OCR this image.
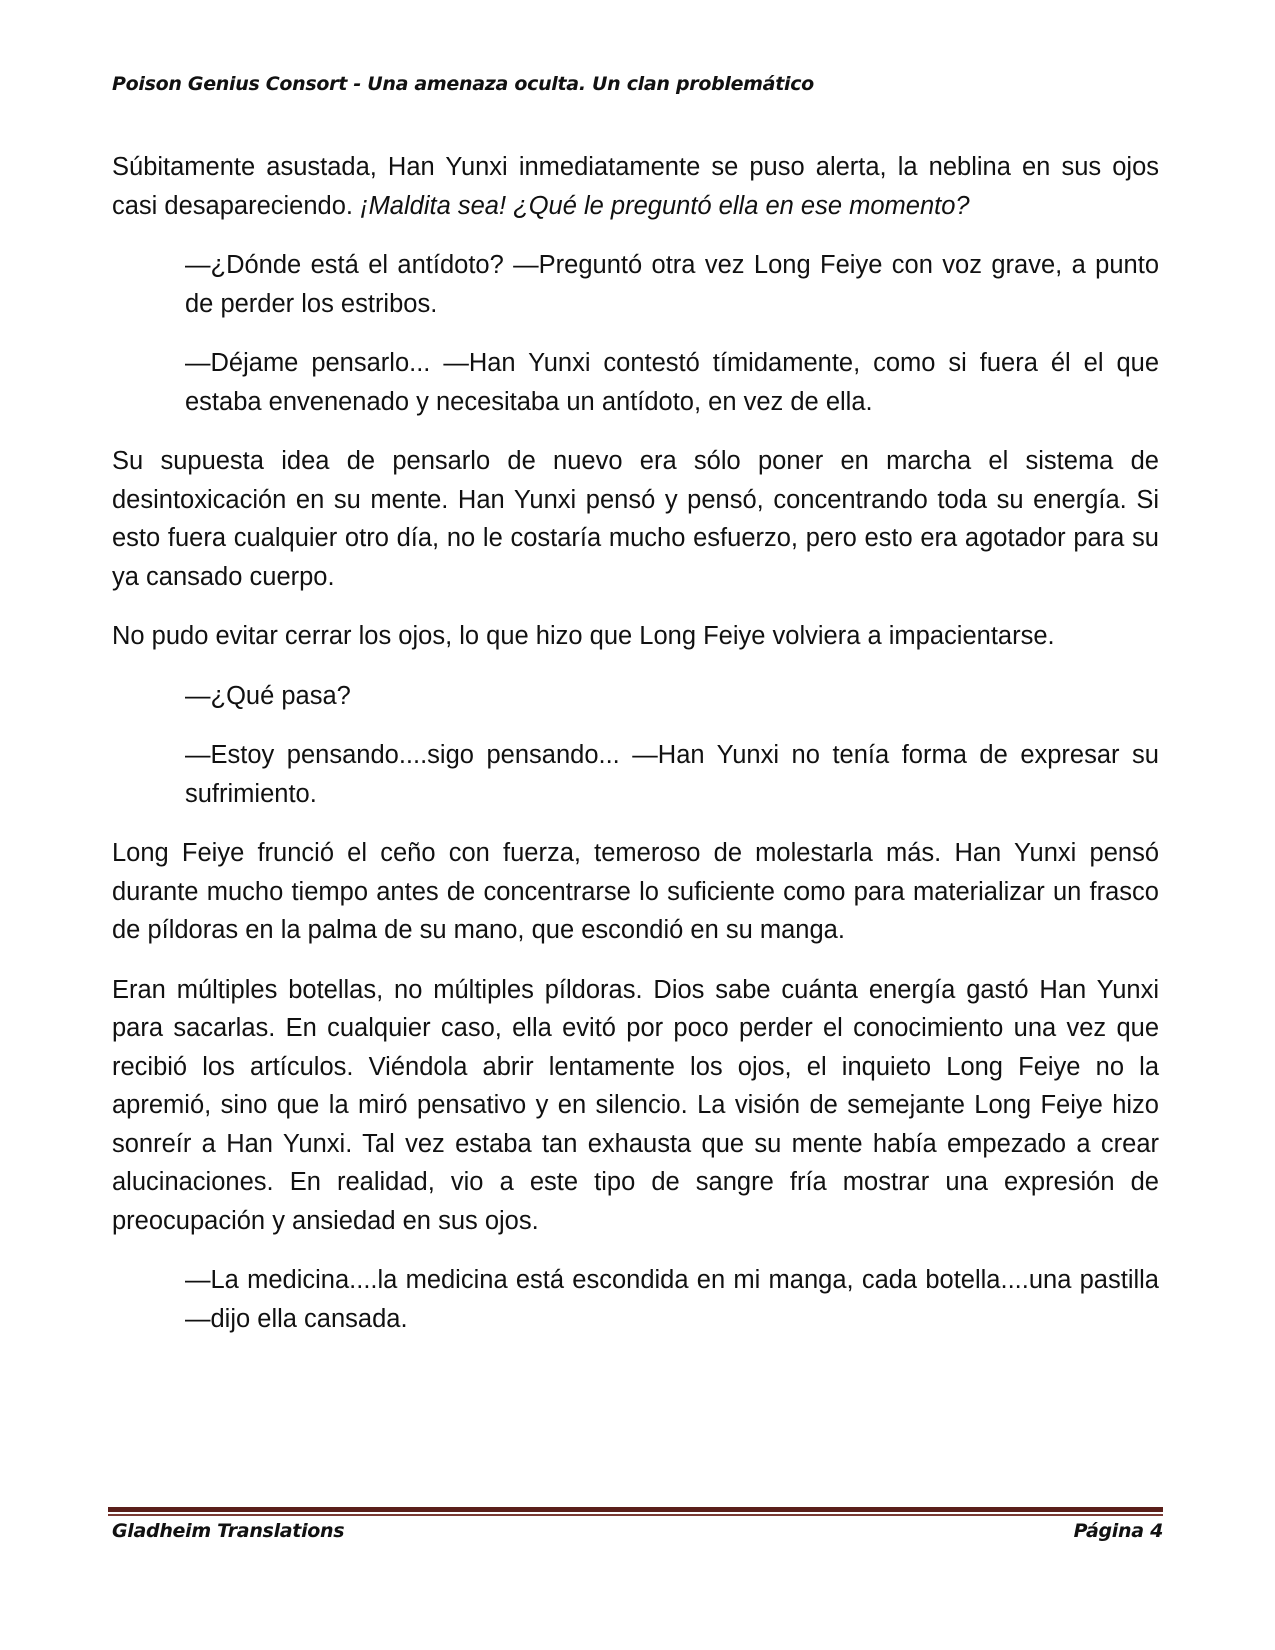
Poison Genius Consort - Una amenaza oculta. Un clan problemático

Súbitamente asustada, Han Yunxi inmediatamente se puso alerta, la neblina en sus ojos casi desapareciendo. ¡Maldita sea! ¿Qué le preguntó ella en ese momento?

—¿Dónde está el antídoto? —Preguntó otra vez Long Feiye con voz grave, a punto de perder los estribos.

—Déjame pensarlo... —Han Yunxi contestó tímidamente, como si fuera él el que estaba envenenado y necesitaba un antídoto, en vez de ella.

Su supuesta idea de pensarlo de nuevo era sólo poner en marcha el sistema de desintoxicación en su mente. Han Yunxi pensó y pensó, concentrando toda su energía. Si esto fuera cualquier otro día, no le costaría mucho esfuerzo, pero esto era agotador para su ya cansado cuerpo.

No pudo evitar cerrar los ojos, lo que hizo que Long Feiye volviera a impacientarse.

—¿Qué pasa?

—Estoy pensando....sigo pensando... —Han Yunxi no tenía forma de expresar su sufrimiento.

Long Feiye frunció el ceño con fuerza, temeroso de molestarla más. Han Yunxi pensó durante mucho tiempo antes de concentrarse lo suficiente como para materializar un frasco de píldoras en la palma de su mano, que escondió en su manga.

Eran múltiples botellas, no múltiples píldoras. Dios sabe cuánta energía gastó Han Yunxi para sacarlas. En cualquier caso, ella evitó por poco perder el conocimiento una vez que recibió los artículos. Viéndola abrir lentamente los ojos, el inquieto Long Feiye no la apremió, sino que la miró pensativo y en silencio. La visión de semejante Long Feiye hizo sonreír a Han Yunxi. Tal vez estaba tan exhausta que su mente había empezado a crear alucinaciones. En realidad, vio a este tipo de sangre fría mostrar una expresión de preocupación y ansiedad en sus ojos.

—La medicina....la medicina está escondida en mi manga, cada botella....una pastilla —dijo ella cansada.

Gladheim Translations	Página 4
